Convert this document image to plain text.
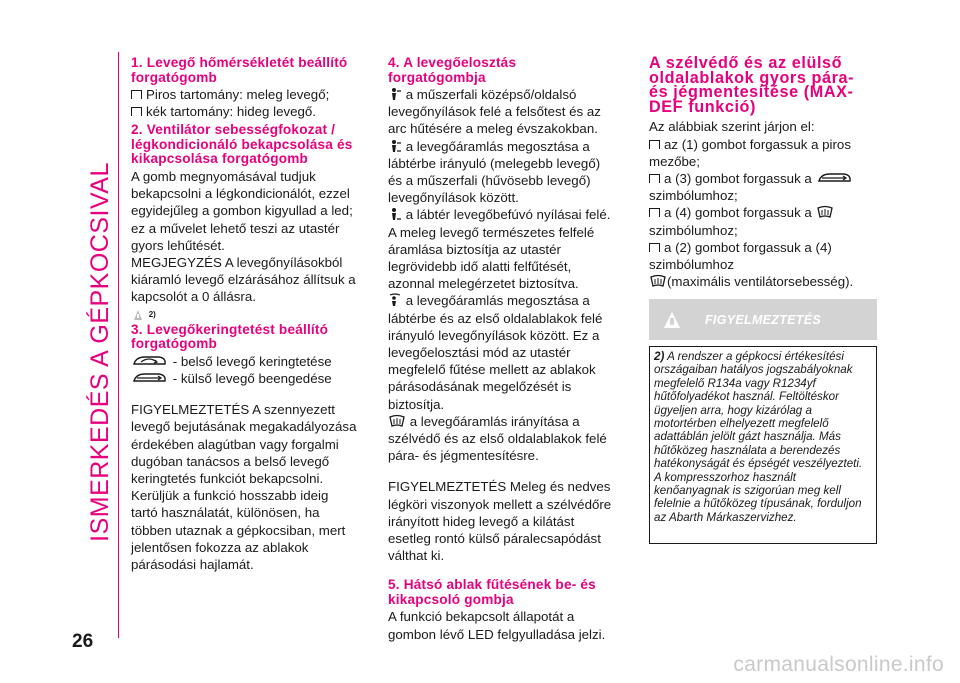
ISMERKEDÉS A GÉPKOCSIVAL
1. Levegő hőmérsékletét beállító forgatógomb

Piros tartomány: meleg levegő;

kék tartomány: hideg levegő.

2. Ventilátor sebességfokozat / légkondicionáló bekapcsolása és kikapcsolása forgatógomb

A gomb megnyomásával tudjuk bekapcsolni a légkondicionálót, ezzel egyidejűleg a gombon kigyullad a led; ez a művelet lehető teszi az utastér gyors lehűtését.

MEGJEGYZÉS A levegőnyílásokból kiáramló levegő elzárásához állítsuk a kapcsolót a 0 állásra.

2)

3. Levegőkeringtetést beállító forgatógomb

- belső levegő keringtetése

- külső levegő beengedése

FIGYELMEZTETÉS A szennyezett levegő bejutásának megakadályozása érdekében alagútban vagy forgalmi dugóban tanácsos a belső levegő keringtetés funkciót bekapcsolni. Kerüljük a funkció hosszabb ideig tartó használatát, különösen, ha többen utaznak a gépkocsiban, mert jelentősen fokozza az ablakok párásodási hajlamát.

4. A levegőelosztás forgatógombja

a műszerfali középső/oldalsó levegőnyílások felé a felsőtest és az arc hűtésére a meleg évszakokban.

a levegőáramlás megosztása a lábtérbe irányuló (melegebb levegő) és a műszerfali (hűvösebb levegő) levegőnyílások között.

a lábtér levegőbefúvó nyílásai felé. A meleg levegő természetes felfelé áramlása biztosítja az utastér legrövidebb idő alatti felfűtését, azonnal melegérzetet biztosítva.

a levegőáramlás megosztása a lábtérbe és az első oldalablakok felé irányuló levegőnyílások között. Ez a levegőelosztási mód az utastér megfelelő fűtése mellett az ablakok párásodásának megelőzését is biztosítja.

a levegőáramlás irányítása a szélvédő és az első oldalablakok felé pára- és jégmentesítésre.

FIGYELMEZTETÉS Meleg és nedves légköri viszonyok mellett a szélvédőre irányított hideg levegő a kilátást esetleg rontó külső páralecsapódást válthat ki.

5. Hátsó ablak fűtésének be- és kikapcsoló gombja

A funkció bekapcsolt állapotát a gombon lévő LED felgyulladása jelzi.

A szélvédő és az elülső oldalablakok gyors pára- és jégmentesítése (MAX-DEF funkció)

Az alábbiak szerint járjon el:

az (1) gombot forgassuk a piros mezőbe;

a (3) gombot forgassuk a
szimbólumhoz;

a (4) gombot forgassuk a
szimbólumhoz;

a (2) gombot forgassuk a (4) szimbólumhoz
(maximális ventilátorsebesség).

FIGYELMEZTETÉS
2) A rendszer a gépkocsi értékesítési országaiban hatályos jogszabályoknak megfelelő R134a vagy R1234yf hűtőfolyadékot használ. Feltöltéskor ügyeljen arra, hogy kizárólag a motortérben elhelyezett megfelelő adattáblán jelölt gázt használja. Más hűtőközeg használata a berendezés hatékonyságát és épségét veszélyezteti. A kompresszorhoz használt kenőanyagnak is szigorúan meg kell felelnie a hűtőközeg típusának, forduljon az Abarth Márkaszervizhez.
26
carmanualsonline.info
